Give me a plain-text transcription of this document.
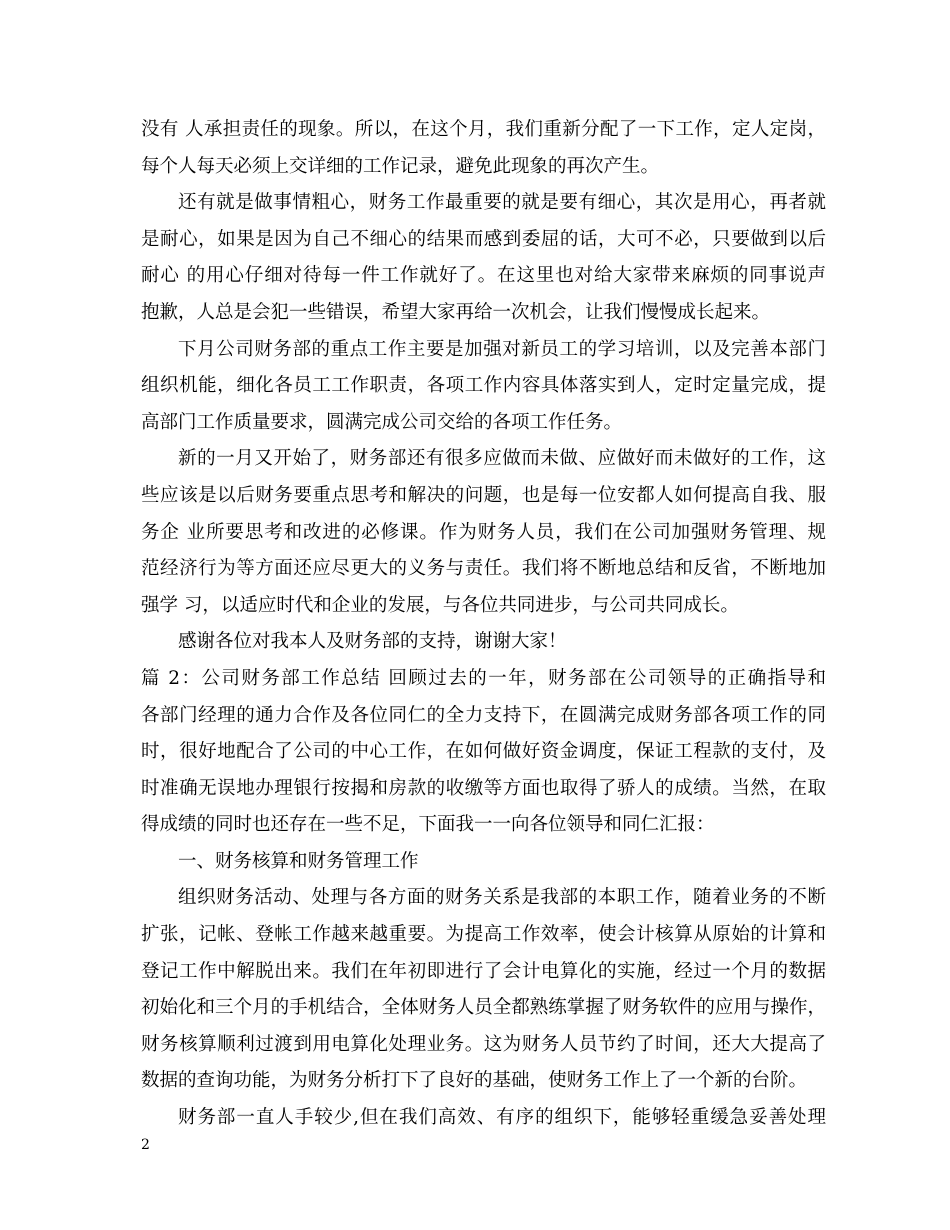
没有 人承担责任的现象。所以，在这个月，我们重新分配了一下工作，定人定岗，
每个人每天必须上交详细的工作记录，避免此现象的再次产生。
还有就是做事情粗心，财务工作最重要的就是要有细心，其次是用心，再者就
是耐心，如果是因为自己不细心的结果而感到委屈的话，大可不必，只要做到以后
耐心 的用心仔细对待每一件工作就好了。在这里也对给大家带来麻烦的同事说声
抱歉，人总是会犯一些错误，希望大家再给一次机会，让我们慢慢成长起来。
下月公司财务部的重点工作主要是加强对新员工的学习培训，以及完善本部门
组织机能，细化各员工工作职责，各项工作内容具体落实到人，定时定量完成，提
高部门工作质量要求，圆满完成公司交给的各项工作任务。
新的一月又开始了，财务部还有很多应做而未做、应做好而未做好的工作，这
些应该是以后财务要重点思考和解决的问题，也是每一位安都人如何提高自我、服
务企 业所要思考和改进的必修课。作为财务人员，我们在公司加强财务管理、规
范经济行为等方面还应尽更大的义务与责任。我们将不断地总结和反省，不断地加
强学 习，以适应时代和企业的发展，与各位共同进步，与公司共同成长。
感谢各位对我本人及财务部的支持，谢谢大家！
篇 2：公司财务部工作总结 回顾过去的一年，财务部在公司领导的正确指导和
各部门经理的通力合作及各位同仁的全力支持下，在圆满完成财务部各项工作的同
时，很好地配合了公司的中心工作，在如何做好资金调度，保证工程款的支付，及
时准确无误地办理银行按揭和房款的收缴等方面也取得了骄人的成绩。当然，在取
得成绩的同时也还存在一些不足，下面我一一向各位领导和同仁汇报：
一、财务核算和财务管理工作
组织财务活动、处理与各方面的财务关系是我部的本职工作，随着业务的不断
扩张，记帐、登帐工作越来越重要。为提高工作效率，使会计核算从原始的计算和
登记工作中解脱出来。我们在年初即进行了会计电算化的实施，经过一个月的数据
初始化和三个月的手机结合，全体财务人员全都熟练掌握了财务软件的应用与操作，
财务核算顺利过渡到用电算化处理业务。这为财务人员节约了时间，还大大提高了
数据的查询功能，为财务分析打下了良好的基础，使财务工作上了一个新的台阶。
财务部一直人手较少,但在我们高效、有序的组织下，能够轻重缓急妥善处理
2
